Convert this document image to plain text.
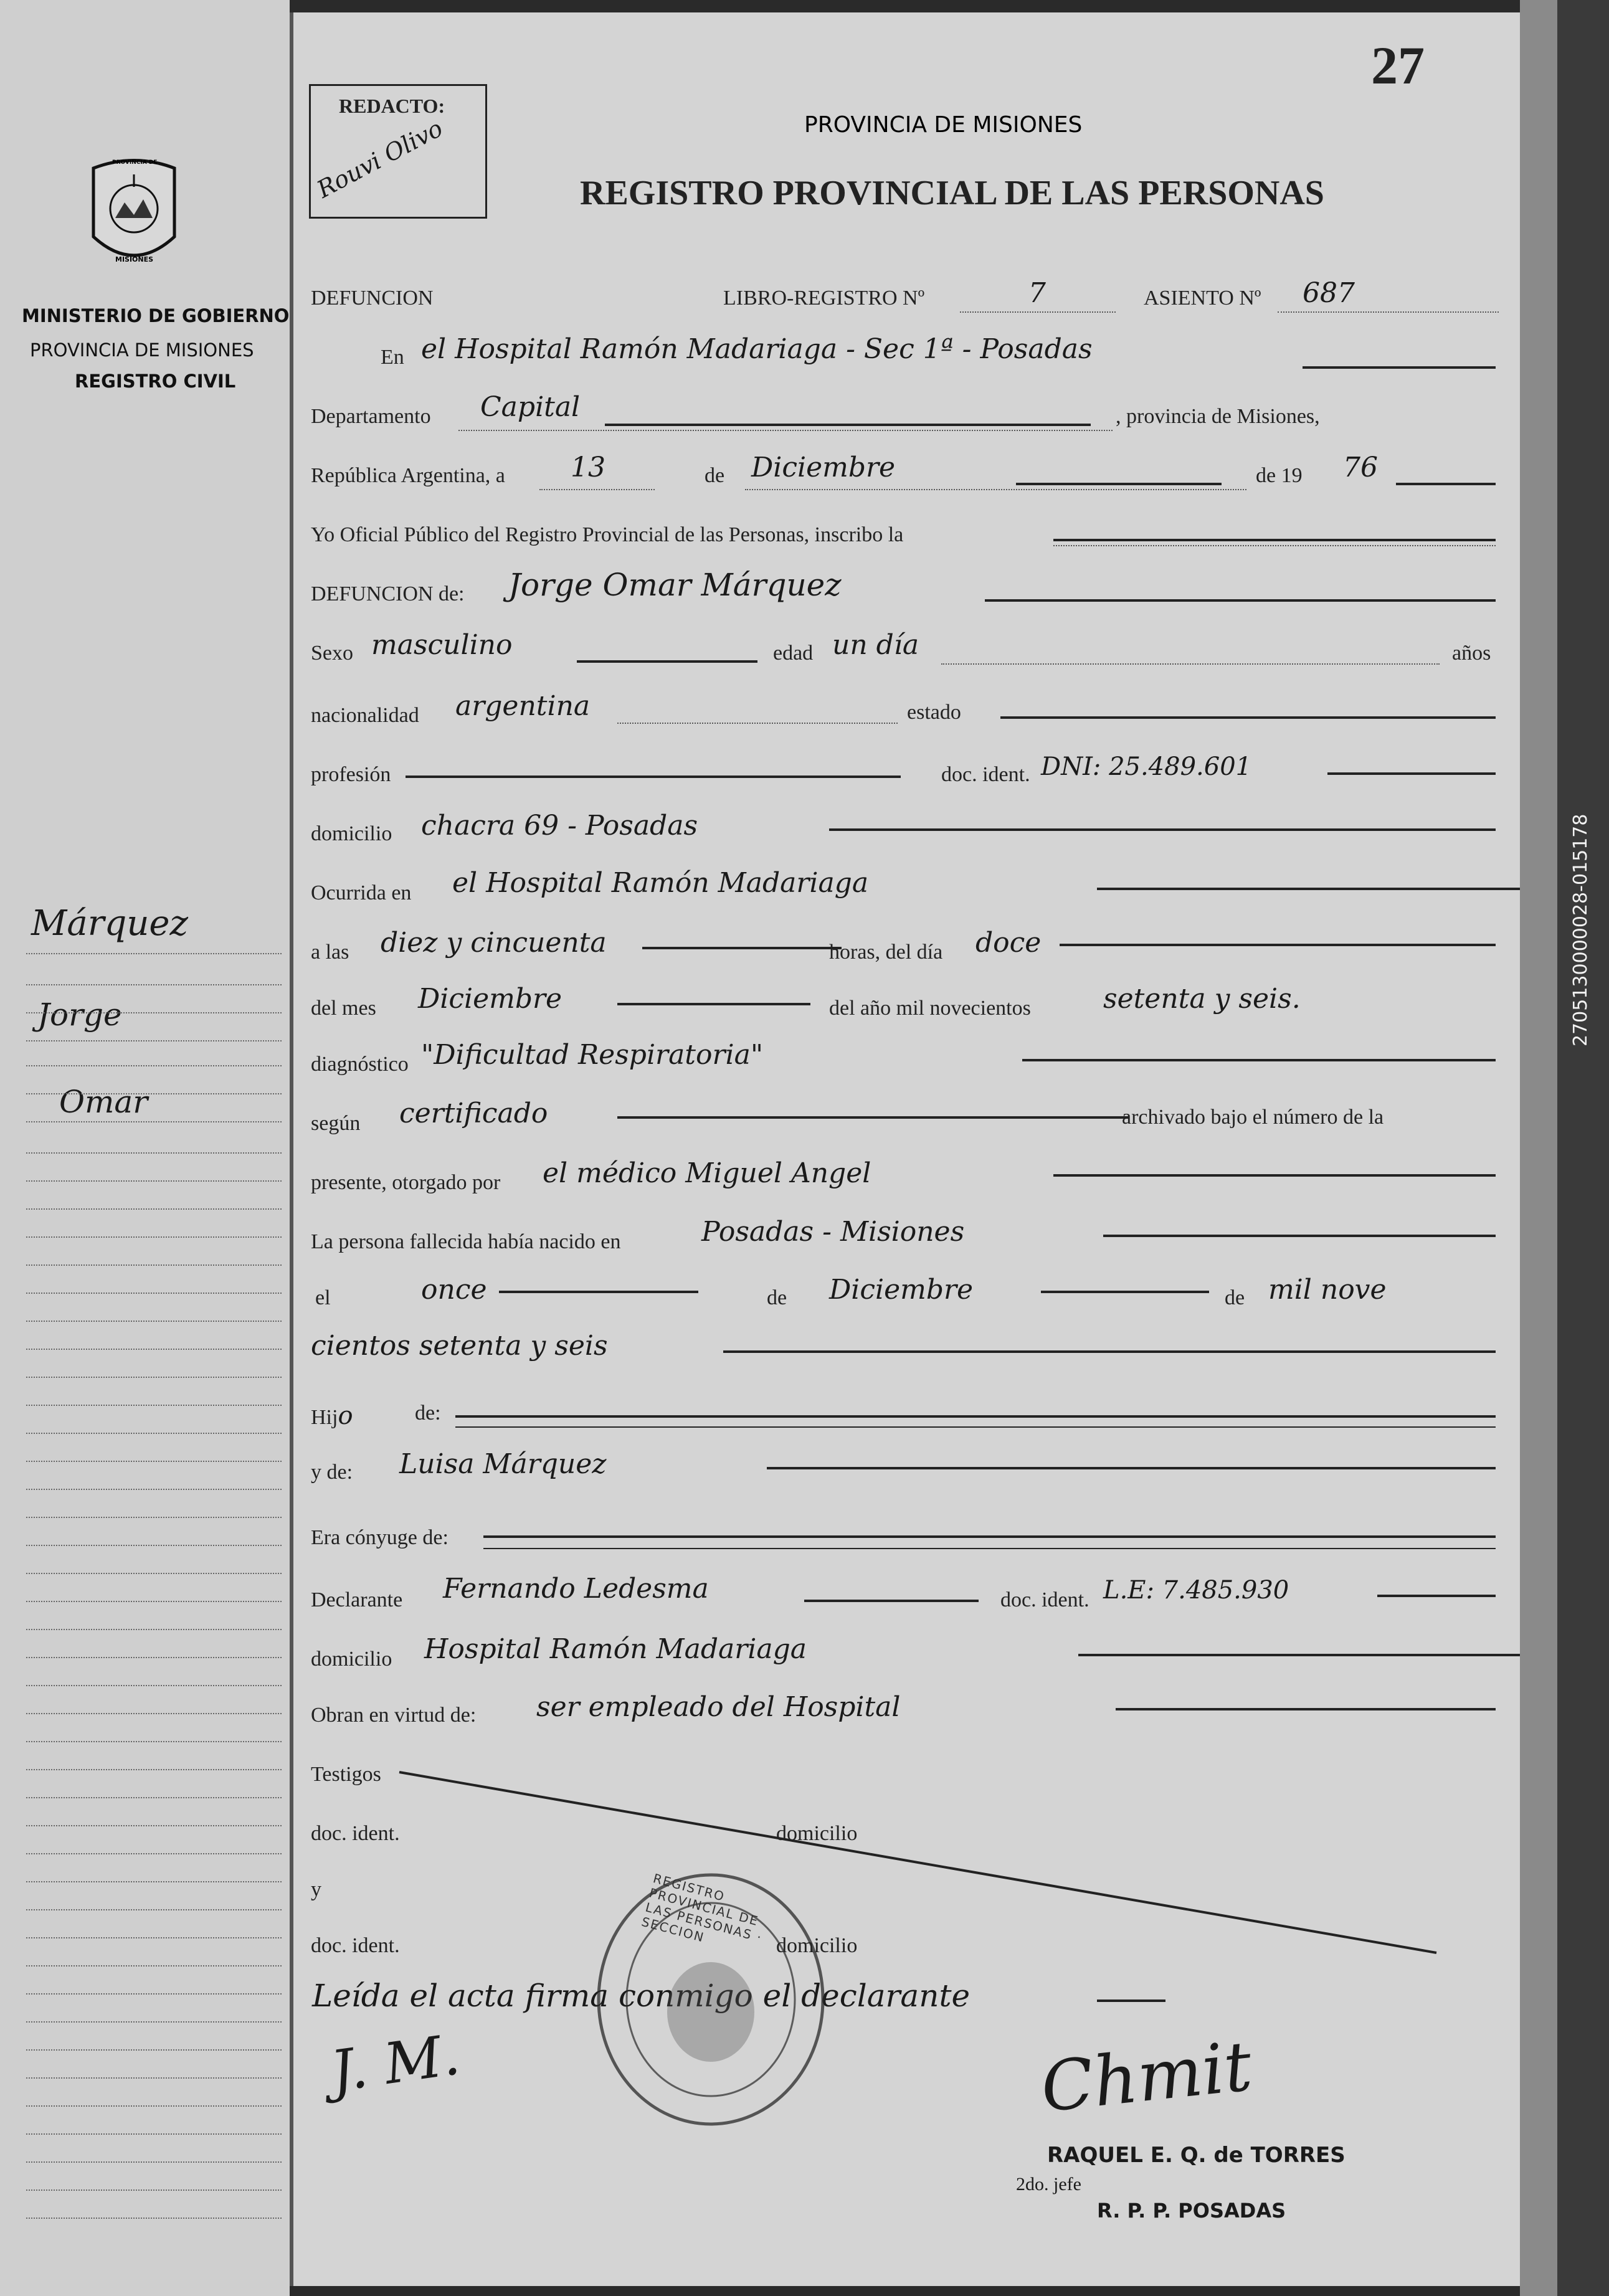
PROVINCIA DE
MISIONES
MINISTERIO DE GOBIERNO
PROVINCIA DE MISIONES
REGISTRO CIVIL
Márquez
Jorge
Omar
27
REDACTO:
Rouvi Olivo	PROVINCIA DE MISIONES
REGISTRO PROVINCIAL DE LAS PERSONAS
DEFUNCION	LIBRO-REGISTRO Nº	7	ASIENTO Nº 687
En el Hospital Ramón Madariaga - Sec 1ª - Posadas
Departamento Capital	, provincia de Misiones,
República Argentina, a 13	de Diciembre	de 19 76
Yo Oficial Público del Registro Provincial de las Personas, inscribo la
DEFUNCION de: Jorge Omar Márquez
Sexo masculino	edad un día	años
nacionalidad argentina	estado
profesión	doc. ident. DNI: 25.489.601
domicilio chacra 69 - Posadas
Ocurrida en el Hospital Ramón Madariaga
a las diez y cincuenta	horas, del día doce
del mes Diciembre	del año mil novecientos	setenta y seis.
diagnóstico "Dificultad Respiratoria"
según certificado	archivado bajo el número de la
presente, otorgado por el médico Miguel Angel
La persona fallecida había nacido en	Posadas - Misiones
el	once	de Diciembre	de mil nove
cientos setenta y seis
Hijo	de:
y de: Luisa Márquez
Era cónyuge de:
Declarante Fernando Ledesma	doc. ident. L.E: 7.485.930
domicilio Hospital Ramón Madariaga
Obran en virtud de: ser empleado del Hospital
Testigos
doc. ident.	domicilio
y
doc. ident.	domicilio
Leída el acta firma conmigo el declarante
J. M.
REGISTRO PROVINCIAL DE LAS PERSONAS · SECCION
Chmit
RAQUEL E. Q. de TORRES
2do. jefe
R. P. P. POSADAS
2705130000028-015178
